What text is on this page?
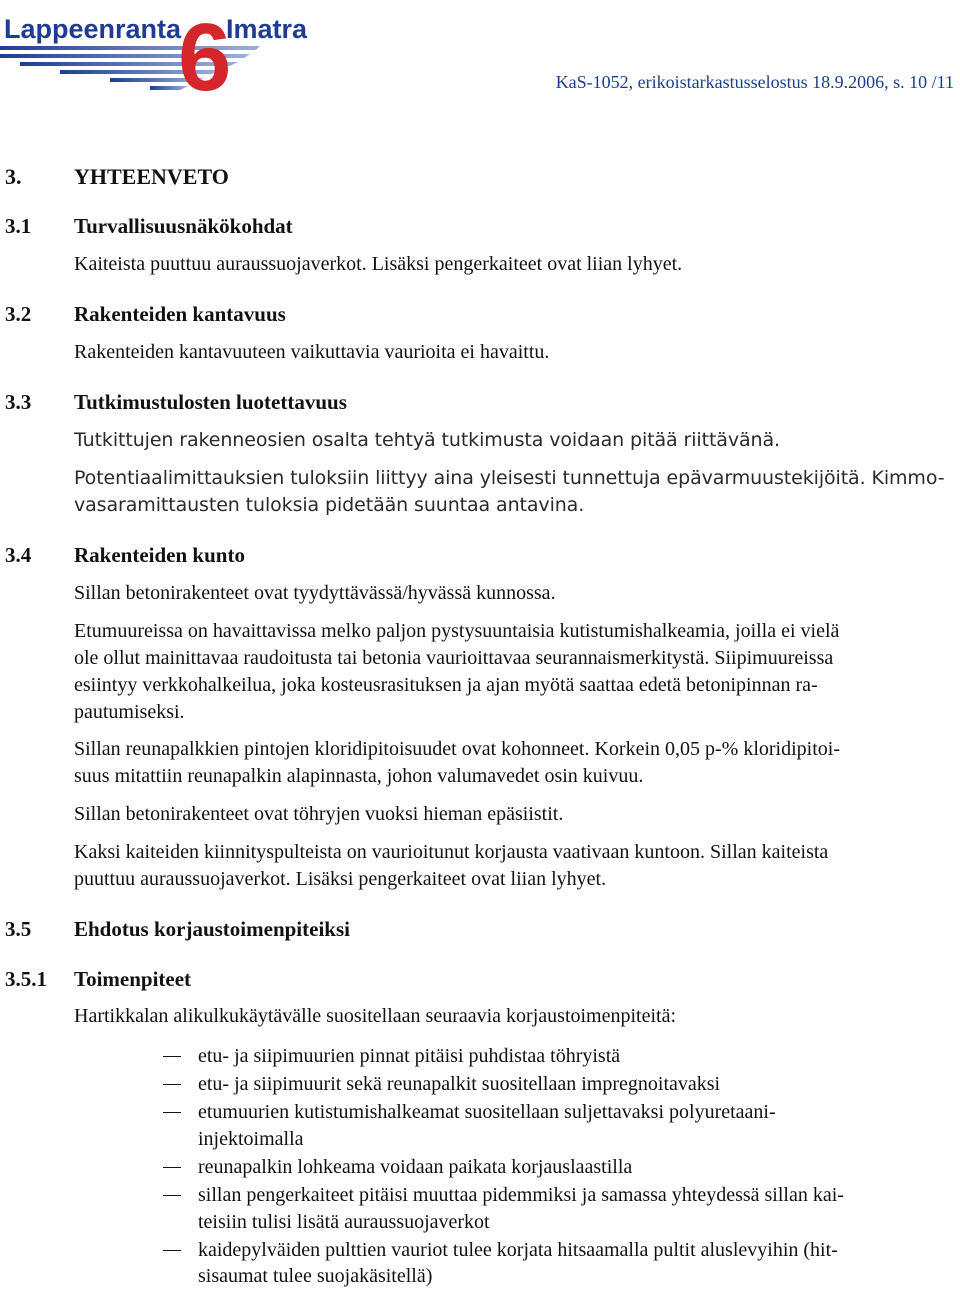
Lappeenranta Imatra
6	KaS-1052, erikoistarkastusselostus 18.9.2006, s. 10 /11
3. YHTEENVETO
3.1 Turvallisuusnäkökohdat
Kaiteista puuttuu auraussuojaverkot. Lisäksi pengerkaiteet ovat liian lyhyet.
3.2 Rakenteiden kantavuus
Rakenteiden kantavuuteen vaikuttavia vaurioita ei havaittu.
3.3 Tutkimustulosten luotettavuus
Tutkittujen rakenneosien osalta tehtyä tutkimusta voidaan pitää riittävänä.
Potentiaalimittauksien tuloksiin liittyy aina yleisesti tunnettuja epävarmuustekijöitä. Kimmo-
vasaramittausten tuloksia pidetään suuntaa antavina.
3.4 Rakenteiden kunto
Sillan betonirakenteet ovat tyydyttävässä/hyvässä kunnossa.
Etumuureissa on havaittavissa melko paljon pystysuuntaisia kutistumishalkeamia, joilla ei vielä
ole ollut mainittavaa raudoitusta tai betonia vaurioittavaa seurannaismerkitystä. Siipimuureissa
esiintyy verkkohalkeilua, joka kosteusrasituksen ja ajan myötä saattaa edetä betonipinnan ra-
pautumiseksi.
Sillan reunapalkkien pintojen kloridipitoisuudet ovat kohonneet. Korkein 0,05 p-% kloridipitoi-
suus mitattiin reunapalkin alapinnasta, johon valumavedet osin kuivuu.
Sillan betonirakenteet ovat töhryjen vuoksi hieman epäsiistit.
Kaksi kaiteiden kiinnityspulteista on vaurioitunut korjausta vaativaan kuntoon. Sillan kaiteista
puuttuu auraussuojaverkot. Lisäksi pengerkaiteet ovat liian lyhyet.
3.5 Ehdotus korjaustoimenpiteiksi
3.5.1 Toimenpiteet
Hartikkalan alikulkukäytävälle suositellaan seuraavia korjaustoimenpiteitä:
etu- ja siipimuurien pinnat pitäisi puhdistaa töhryistä
etu- ja siipimuurit sekä reunapalkit suositellaan impregnoitavaksi
etumuurien kutistumishalkeamat suositellaan suljettavaksi polyuretaani-
injektoimalla
reunapalkin lohkeama voidaan paikata korjauslaastilla
sillan pengerkaiteet pitäisi muuttaa pidemmiksi ja samassa yhteydessä sillan kai-
teisiin tulisi lisätä auraussuojaverkot
kaidepylväiden pulttien vauriot tulee korjata hitsaamalla pultit aluslevyihin (hit-
sisaumat tulee suojakäsitellä)
